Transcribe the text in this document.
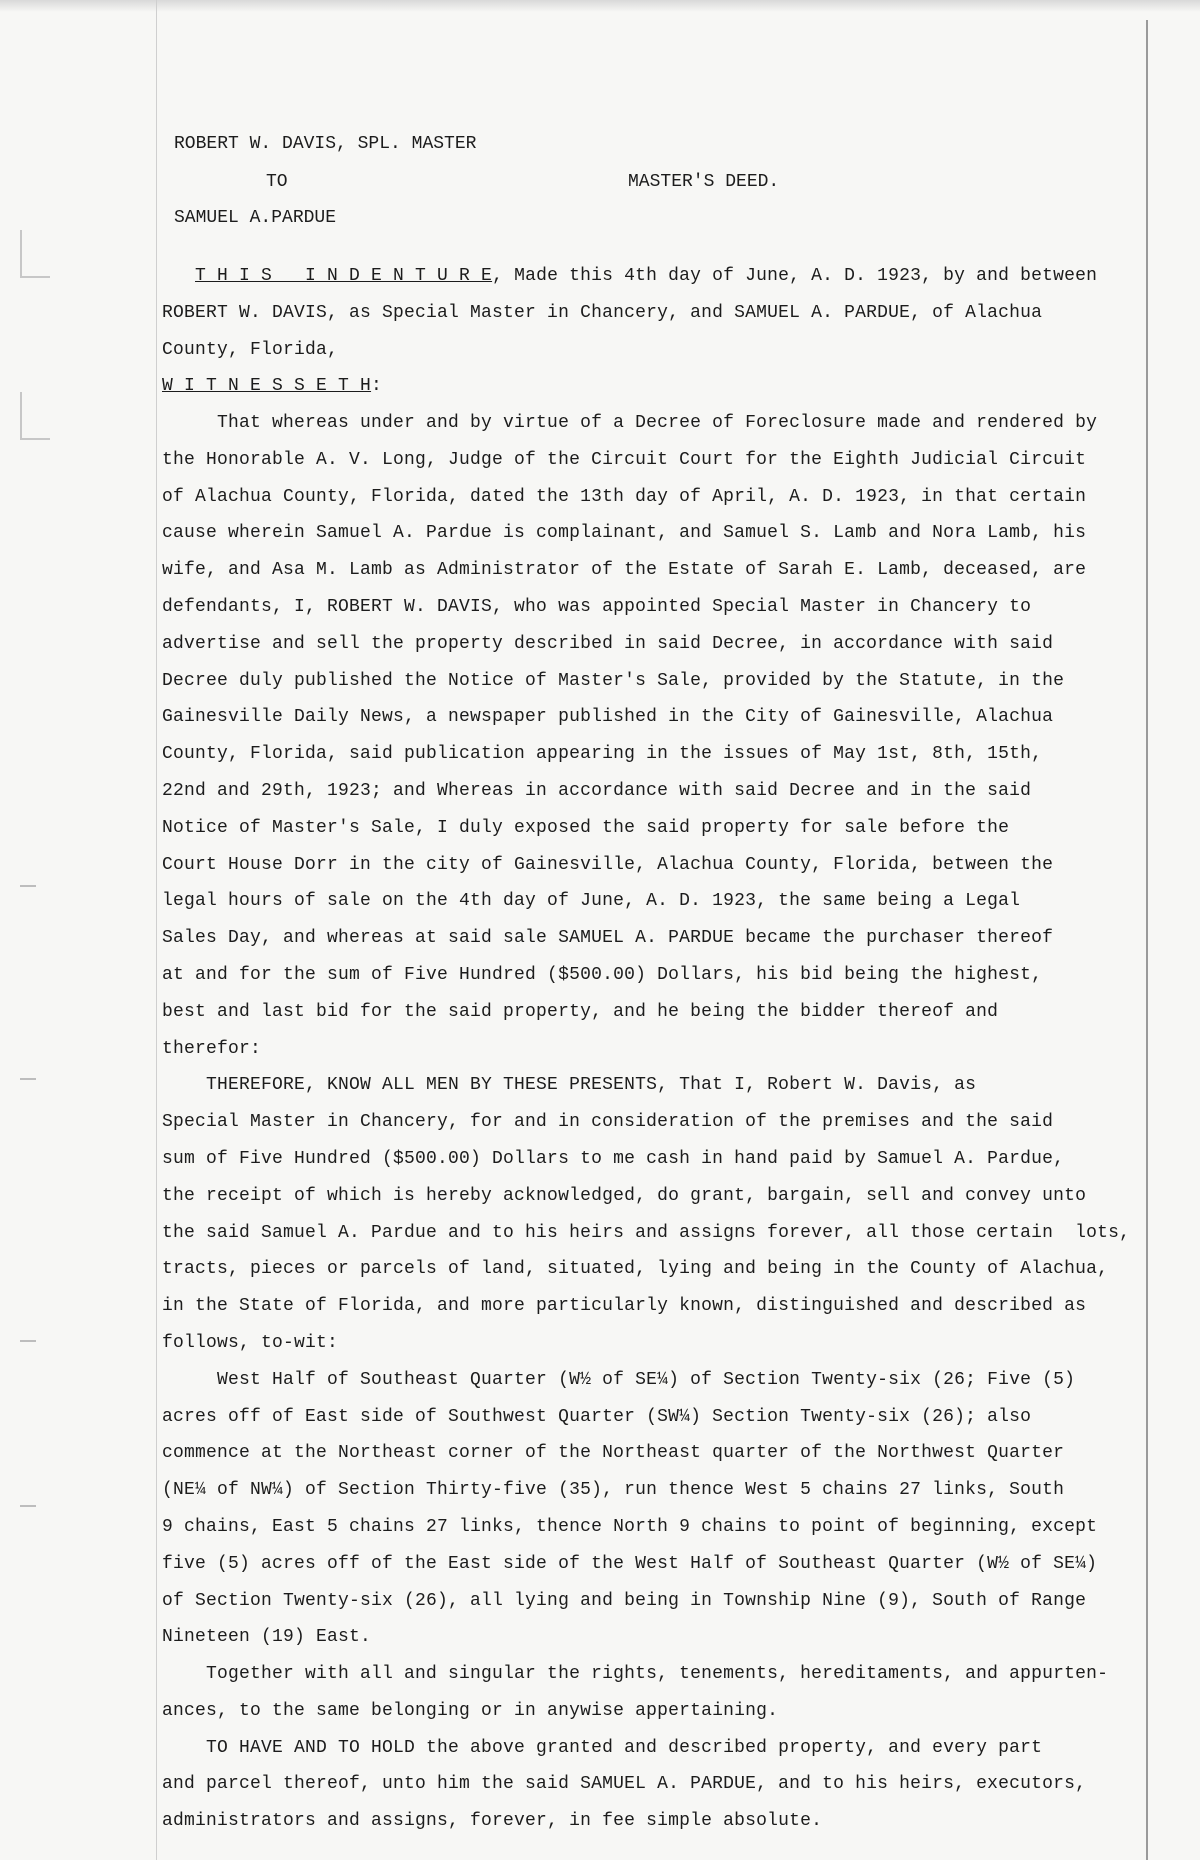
ROBERT W. DAVIS, SPL. MASTER
TO	MASTER'S DEED.
SAMUEL A.PARDUE
T H I S   I N D E N T U R E, Made this 4th day of June, A. D. 1923, by and between
ROBERT W. DAVIS, as Special Master in Chancery, and SAMUEL A. PARDUE, of Alachua
County, Florida,
W I T N E S S E T H:
That whereas under and by virtue of a Decree of Foreclosure made and rendered by
the Honorable A. V. Long, Judge of the Circuit Court for the Eighth Judicial Circuit
of Alachua County, Florida, dated the 13th day of April, A. D. 1923, in that certain
cause wherein Samuel A. Pardue is complainant, and Samuel S. Lamb and Nora Lamb, his
wife, and Asa M. Lamb as Administrator of the Estate of Sarah E. Lamb, deceased, are
defendants, I, ROBERT W. DAVIS, who was appointed Special Master in Chancery to
advertise and sell the property described in said Decree, in accordance with said
Decree duly published the Notice of Master's Sale, provided by the Statute, in the
Gainesville Daily News, a newspaper published in the City of Gainesville, Alachua
County, Florida, said publication appearing in the issues of May 1st, 8th, 15th,
22nd and 29th, 1923; and Whereas in accordance with said Decree and in the said
Notice of Master's Sale, I duly exposed the said property for sale before the
Court House Dorr in the city of Gainesville, Alachua County, Florida, between the
legal hours of sale on the 4th day of June, A. D. 1923, the same being a Legal
Sales Day, and whereas at said sale SAMUEL A. PARDUE became the purchaser thereof
at and for the sum of Five Hundred ($500.00) Dollars, his bid being the highest,
best and last bid for the said property, and he being the bidder thereof and
therefor:
THEREFORE, KNOW ALL MEN BY THESE PRESENTS, That I, Robert W. Davis, as
Special Master in Chancery, for and in consideration of the premises and the said
sum of Five Hundred ($500.00) Dollars to me cash in hand paid by Samuel A. Pardue,
the receipt of which is hereby acknowledged, do grant, bargain, sell and convey unto
the said Samuel A. Pardue and to his heirs and assigns forever, all those certain  lots,
tracts, pieces or parcels of land, situated, lying and being in the County of Alachua,
in the State of Florida, and more particularly known, distinguished and described as
follows, to-wit:
West Half of Southeast Quarter (W½ of SE¼) of Section Twenty-six (26; Five (5)
acres off of East side of Southwest Quarter (SW¼) Section Twenty-six (26); also
commence at the Northeast corner of the Northeast quarter of the Northwest Quarter
(NE¼ of NW¼) of Section Thirty-five (35), run thence West 5 chains 27 links, South
9 chains, East 5 chains 27 links, thence North 9 chains to point of beginning, except
five (5) acres off of the East side of the West Half of Southeast Quarter (W½ of SE¼)
of Section Twenty-six (26), all lying and being in Township Nine (9), South of Range
Nineteen (19) East.
Together with all and singular the rights, tenements, hereditaments, and appurten-
ances, to the same belonging or in anywise appertaining.
TO HAVE AND TO HOLD the above granted and described property, and every part
and parcel thereof, unto him the said SAMUEL A. PARDUE, and to his heirs, executors,
administrators and assigns, forever, in fee simple absolute.
